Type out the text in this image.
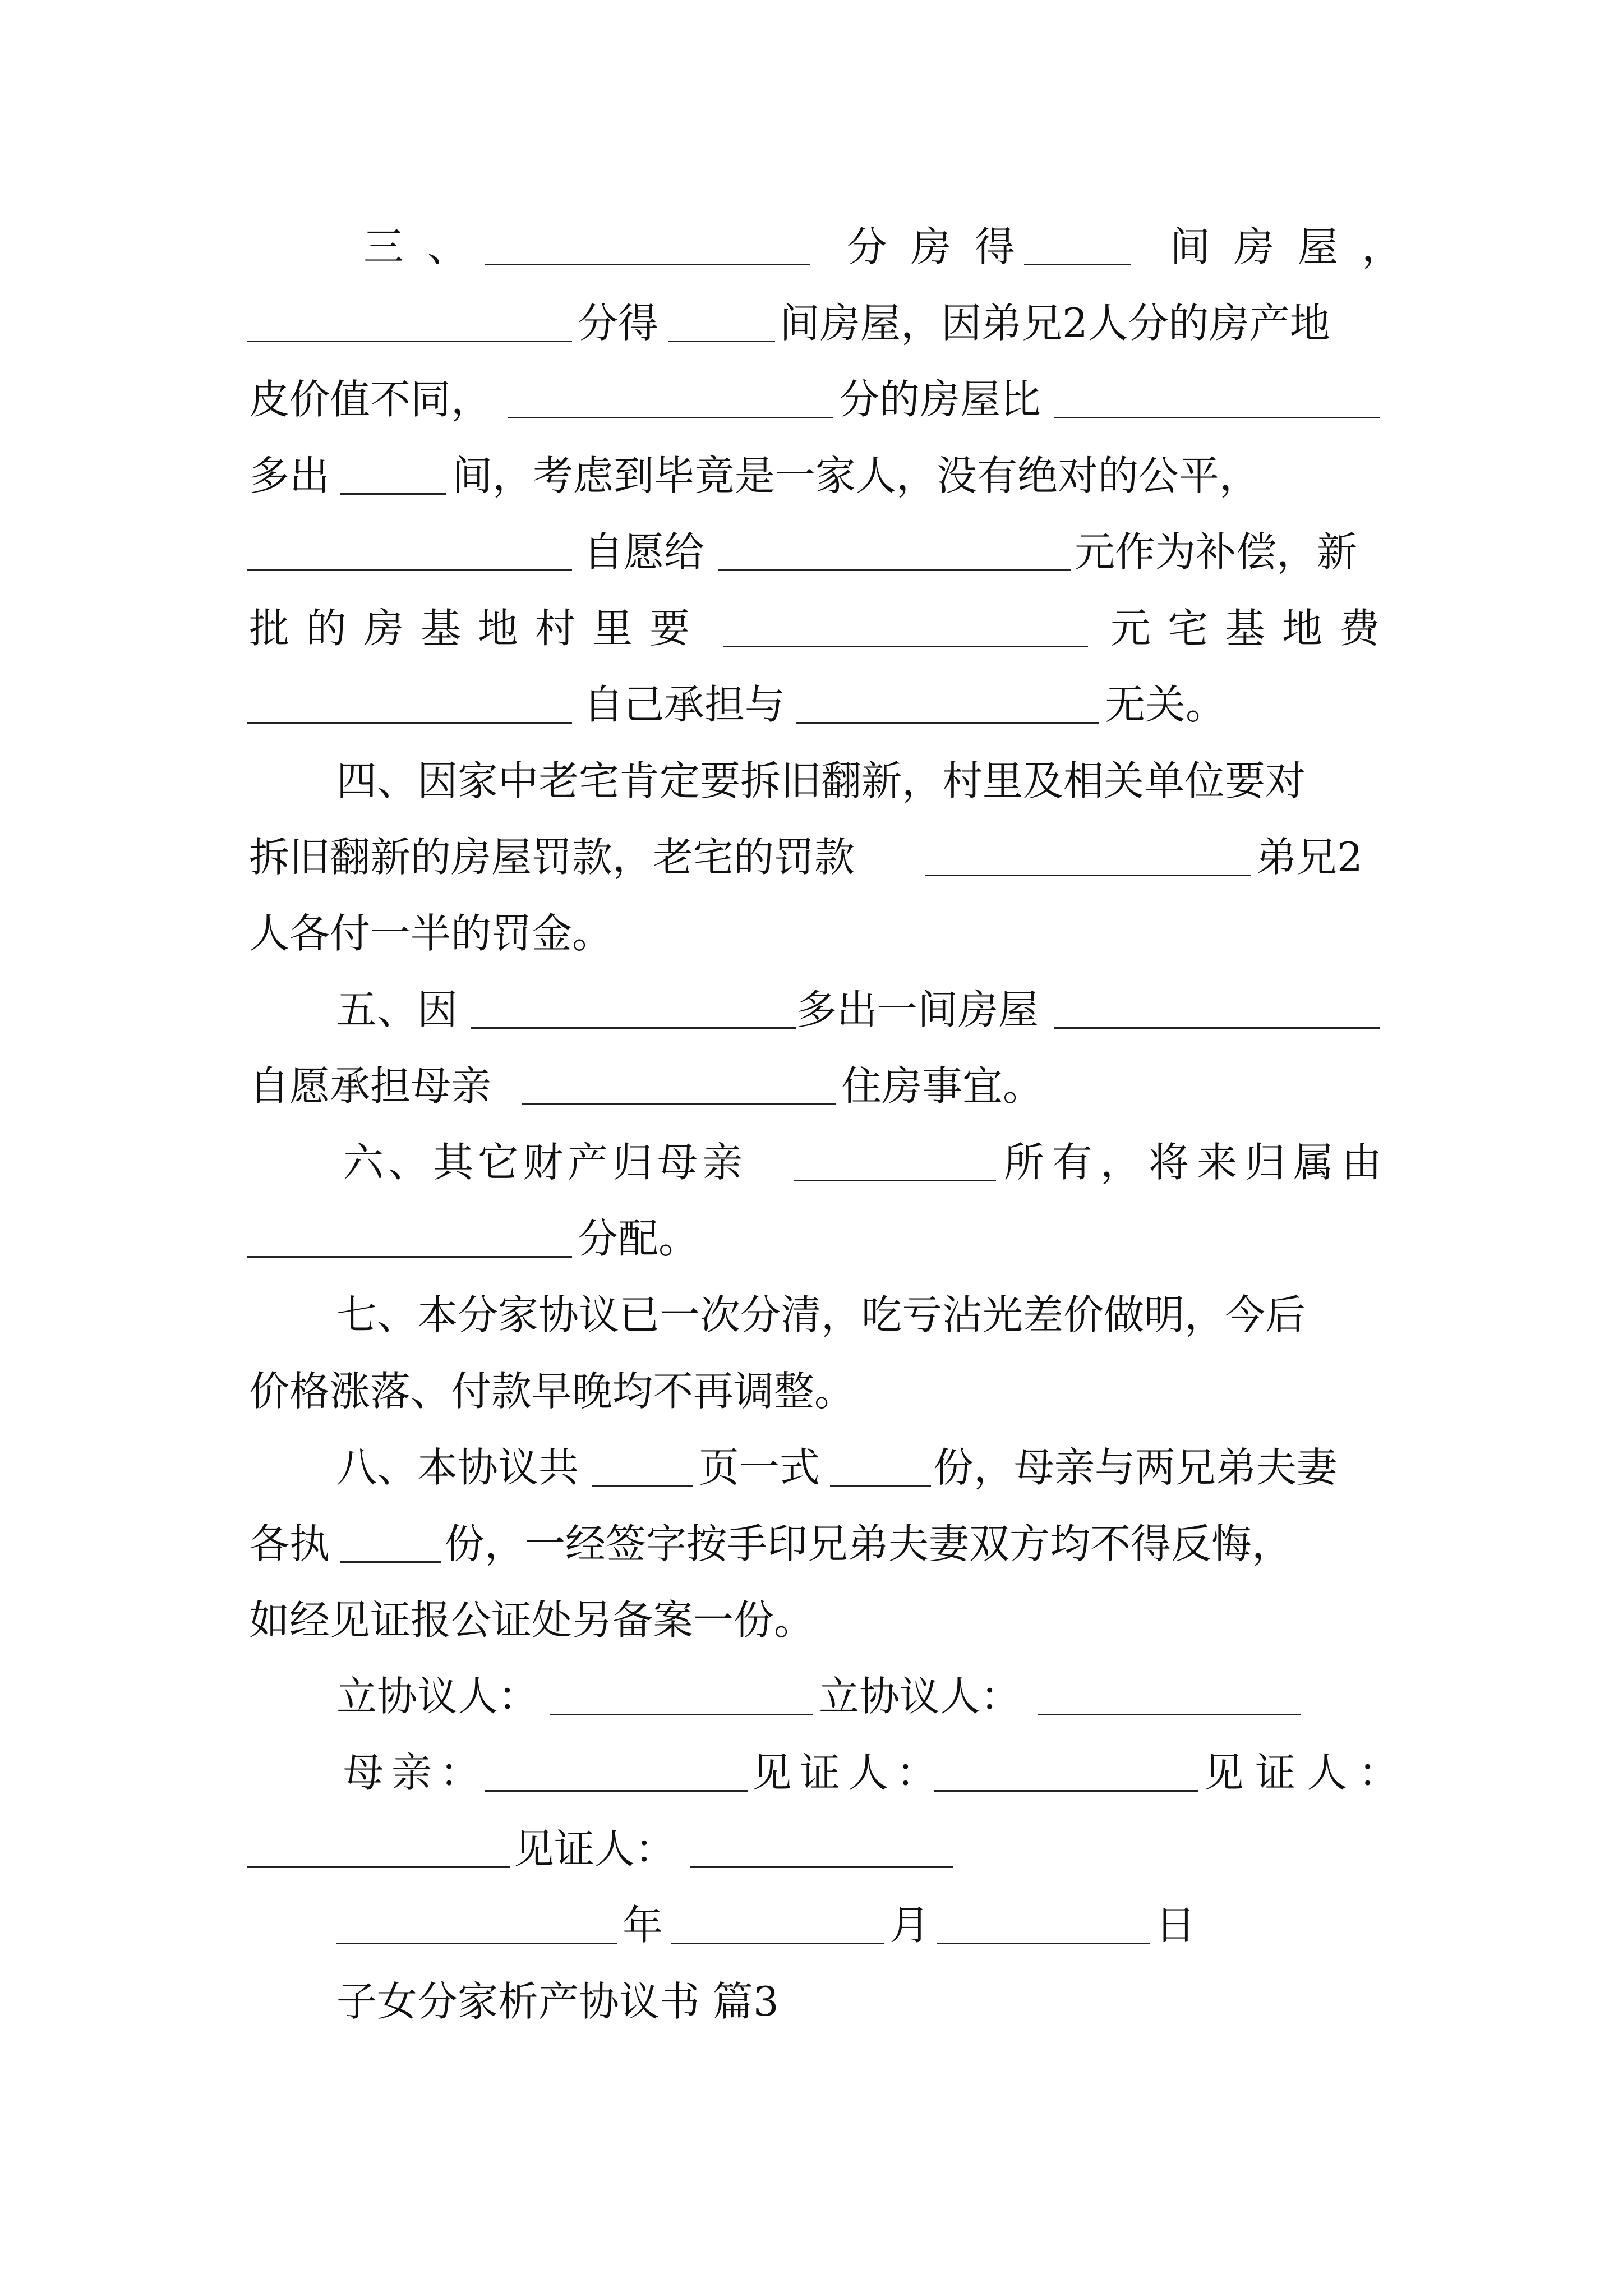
三、	分房得	间房屋，
分得	间房屋，因弟兄2人分的房产地
皮价值不同，	分的房屋比
多出	间，考虑到毕竟是一家人，没有绝对的公平，
自愿给	元作为补偿，新
批的房基地村里要	元宅基地费
自己承担与	无关。
四、因家中老宅肯定要拆旧翻新，村里及相关单位要对
拆旧翻新的房屋罚款，老宅的罚款	弟兄2
人各付一半的罚金。
五、因	多出一间房屋
自愿承担母亲	住房事宜。
六、其它财产归母亲	所有，将来归属由
分配。
七、本分家协议已一次分清，吃亏沾光差价做明，今后
价格涨落、付款早晚均不再调整。
八、本协议共	页一式	份，母亲与两兄弟夫妻
各执	份，一经签字按手印兄弟夫妻双方均不得反悔，
如经见证报公证处另备案一份。
立协议人：	立协议人：
母亲：	见证人：	见证人：
见证人：
年	月	日
子女分家析产协议书 篇3
